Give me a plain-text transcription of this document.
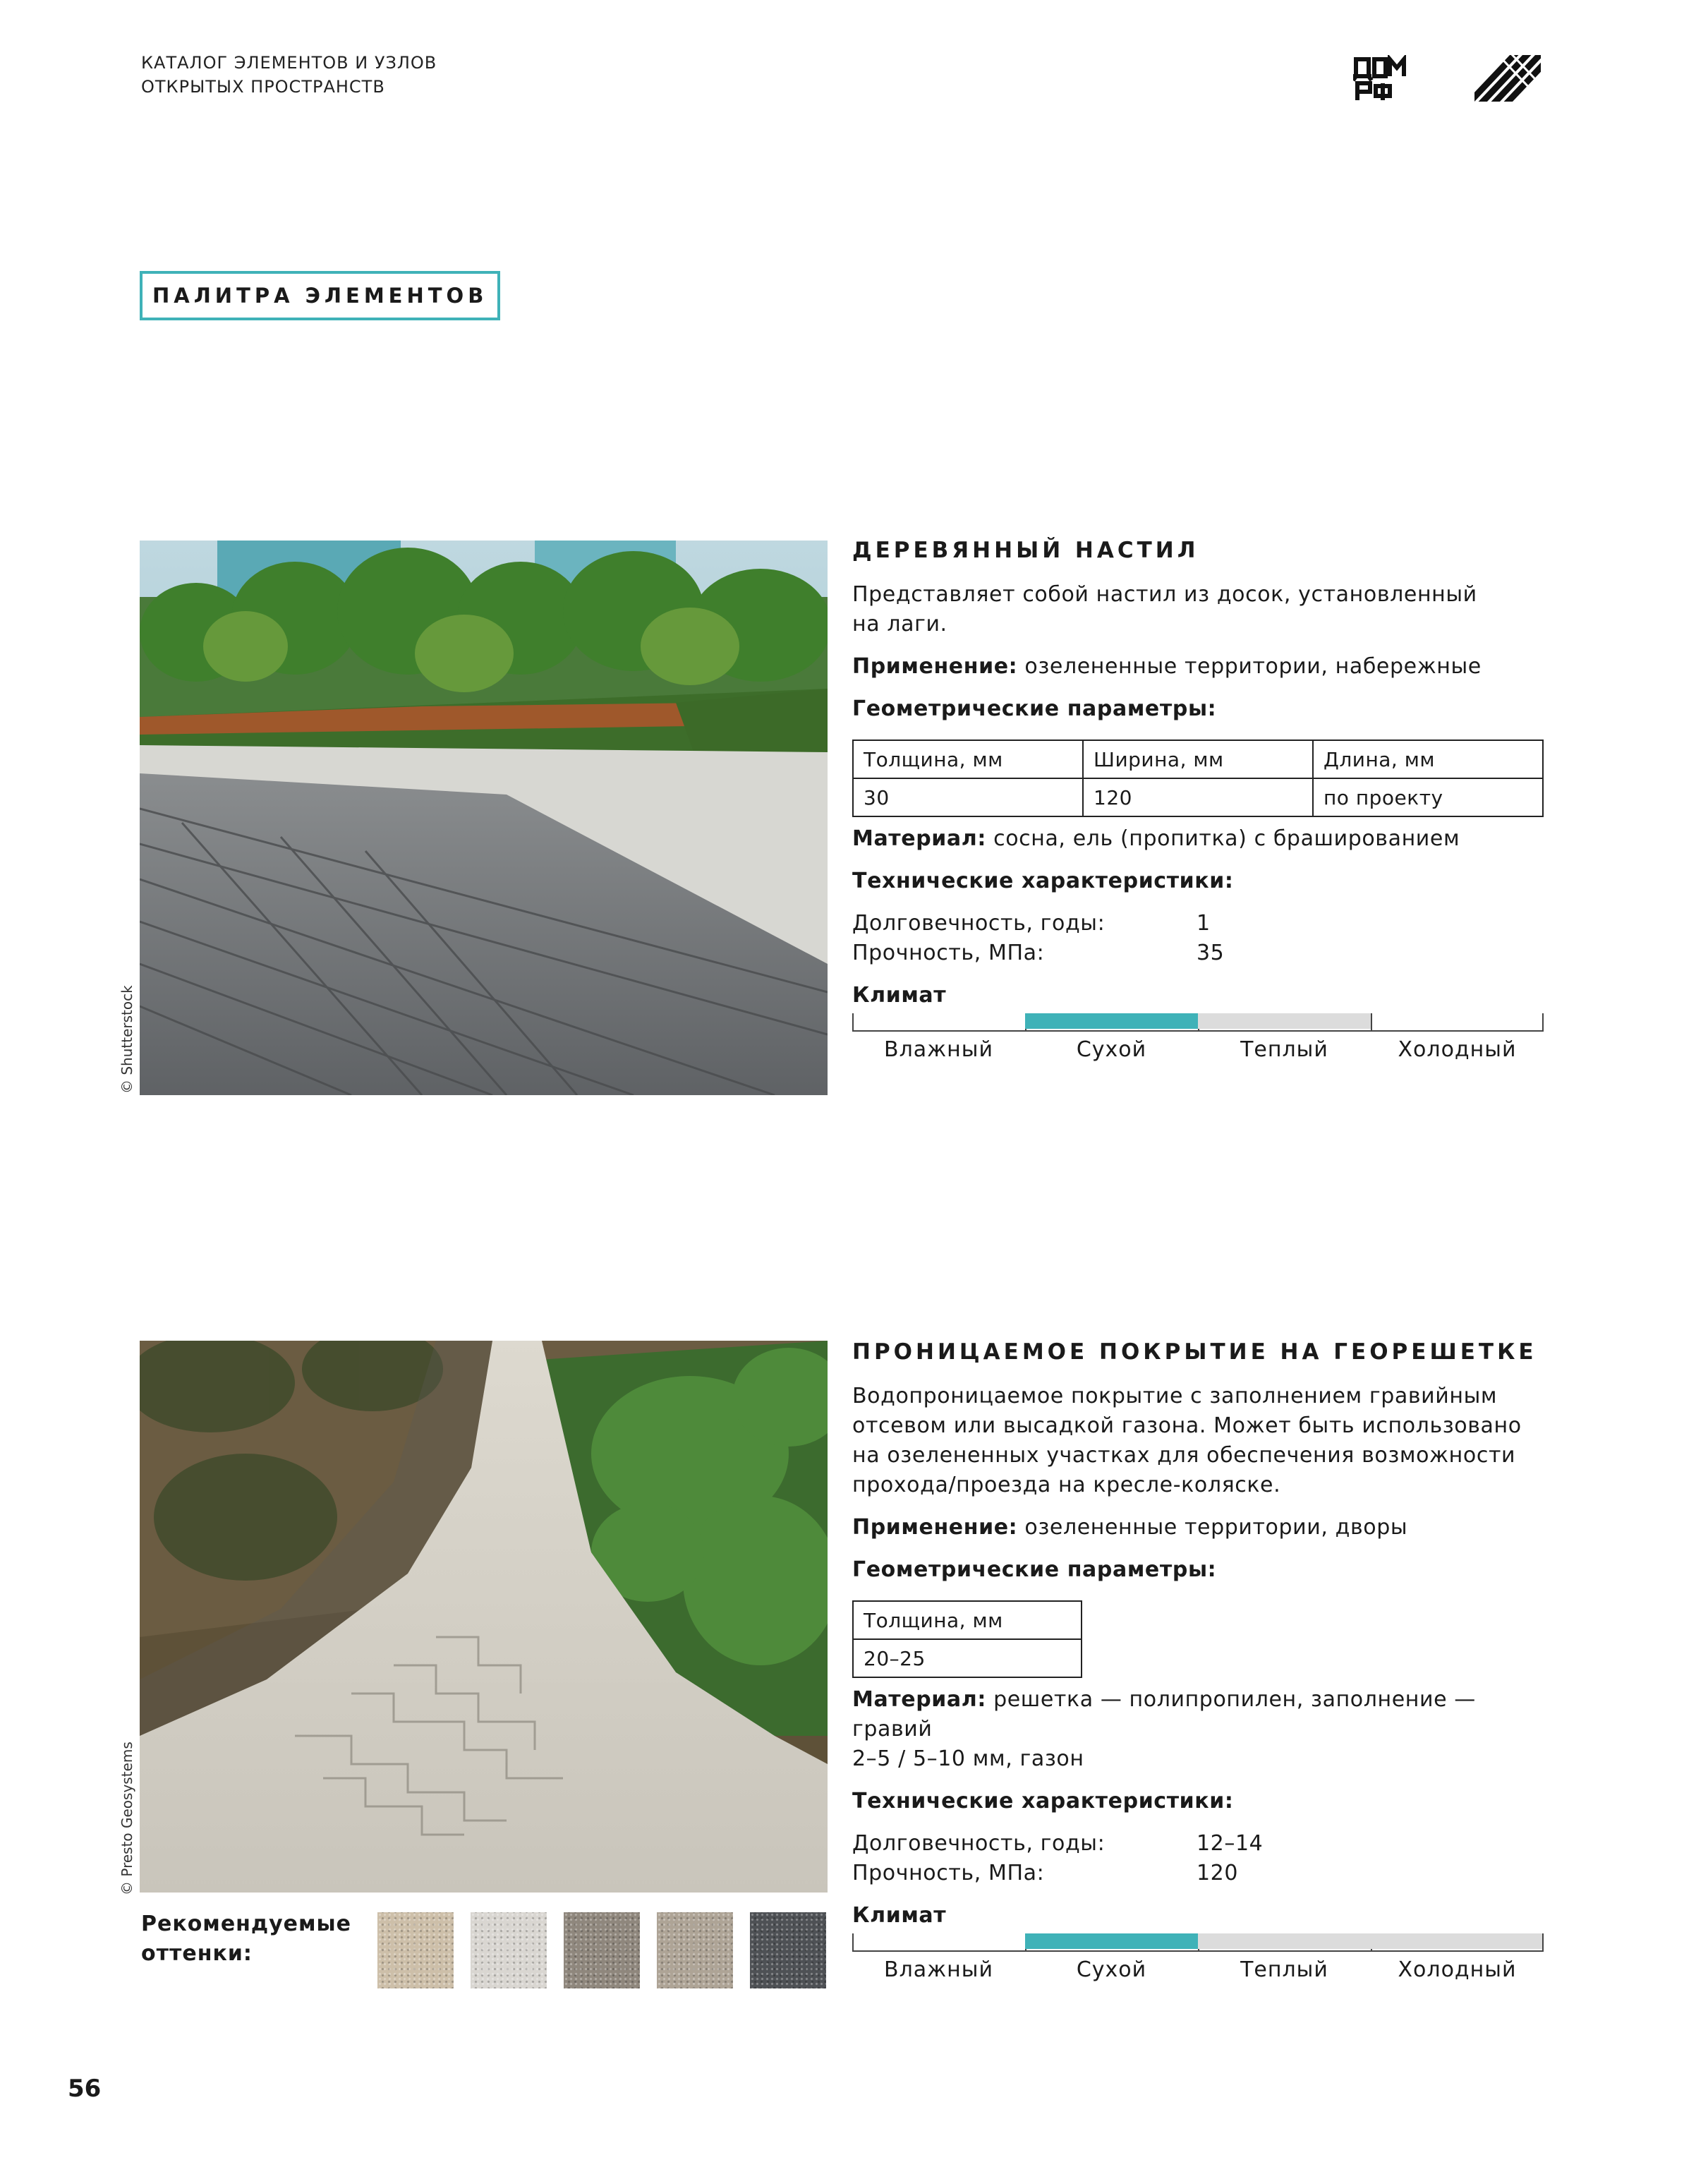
КАТАЛОГ ЭЛЕМЕНТОВ И УЗЛОВ
ОТКРЫТЫХ ПРОСТРАНСТВ
ПАЛИТРА ЭЛЕМЕНТОВ
© Shutterstock
ДЕРЕВЯННЫЙ НАСТИЛ
Представляет собой настил из досок, установленный на лаги.
Применение: озелененные территории, набережные
Геометрические параметры:
Толщина, мм	Ширина, мм	Длина, мм
30	120	по проекту
Материал: сосна, ель (пропитка) с брашированием
Технические характеристики:
Долговечность, годы:	1
Прочность, МПа:	35
Климат
Влажный	Сухой	Теплый	Холодный
© Presto Geosystems
ПРОНИЦАЕМОЕ ПОКРЫТИЕ НА ГЕОРЕШЕТКЕ
Водопроницаемое покрытие с заполнением гравийным
отсевом или высадкой газона. Может быть использовано
на озелененных участках для обеспечения возможности
прохода/проезда на кресле-коляске.
Применение: озелененные территории, дворы
Геометрические параметры:
Толщина, мм
20–25
Материал: решетка — полипропилен, заполнение — гравий
2–5 / 5–10 мм, газон
Технические характеристики:
Долговечность, годы:	12–14
Прочность, МПа:	120
Климат
Влажный	Сухой	Теплый	Холодный
Рекомендуемые
оттенки:
56
